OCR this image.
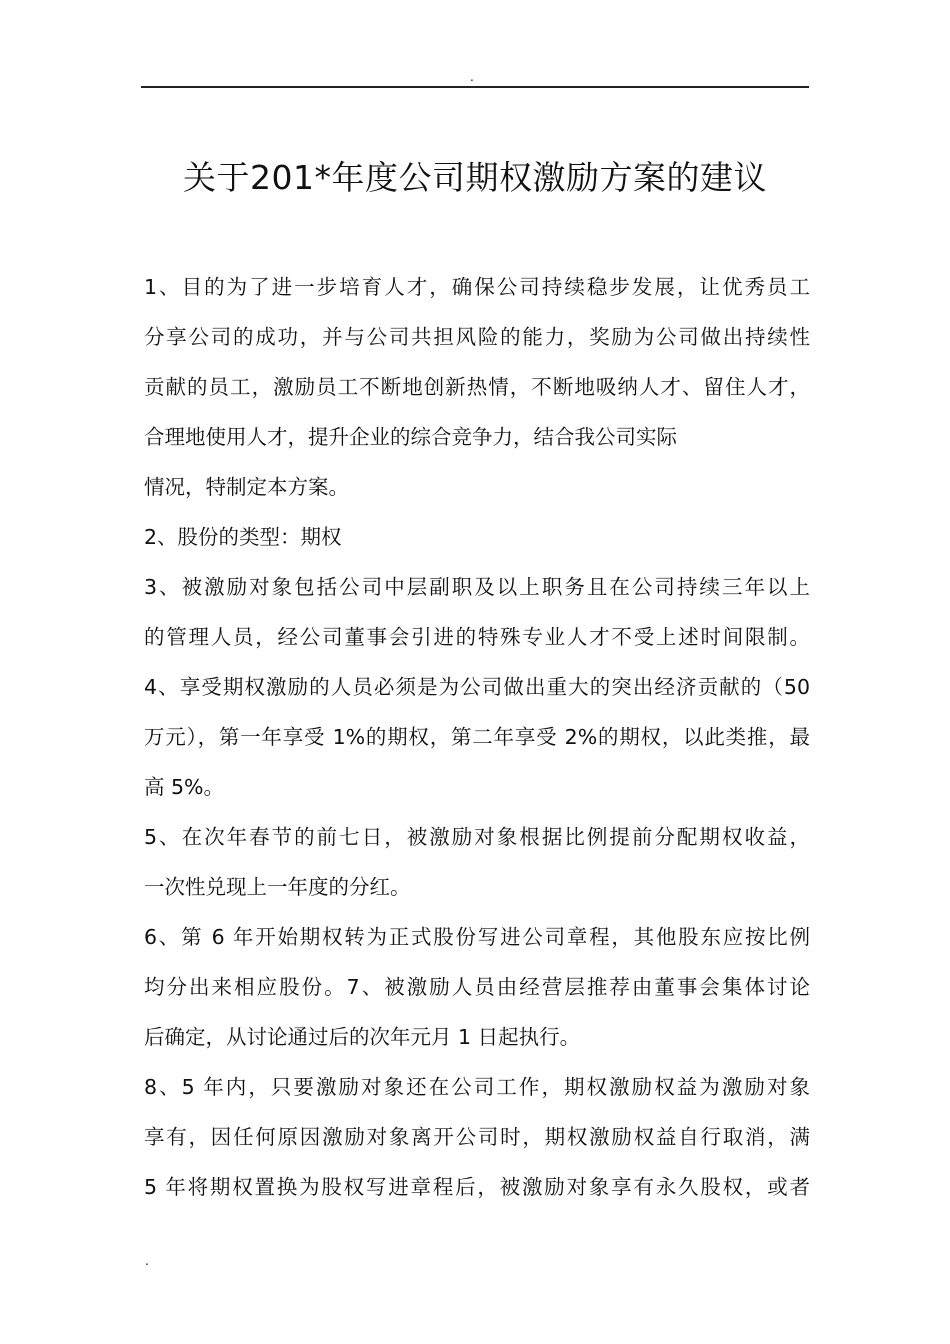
.
关于201*年度公司期权激励方案的建议
1、目的为了进一步培育人才，确保公司持续稳步发展，让优秀员工
分享公司的成功，并与公司共担风险的能力，奖励为公司做出持续性
贡献的员工，激励员工不断地创新热情，不断地吸纳人才、留住人才，
合理地使用人才，提升企业的综合竞争力，结合我公司实际
情况，特制定本方案。
2、股份的类型：期权
3、被激励对象包括公司中层副职及以上职务且在公司持续三年以上
的管理人员，经公司董事会引进的特殊专业人才不受上述时间限制。
4、享受期权激励的人员必须是为公司做出重大的突出经济贡献的（50
万元），第一年享受 1%的期权，第二年享受 2%的期权，以此类推，最
高 5%。
5、在次年春节的前七日，被激励对象根据比例提前分配期权收益，
一次性兑现上一年度的分红。
6、第 6 年开始期权转为正式股份写进公司章程，其他股东应按比例
均分出来相应股份。7、被激励人员由经营层推荐由董事会集体讨论
后确定，从讨论通过后的次年元月 1 日起执行。
8、5 年内，只要激励对象还在公司工作，期权激励权益为激励对象
享有，因任何原因激励对象离开公司时，期权激励权益自行取消，满
5 年将期权置换为股权写进章程后，被激励对象享有永久股权，或者
.
